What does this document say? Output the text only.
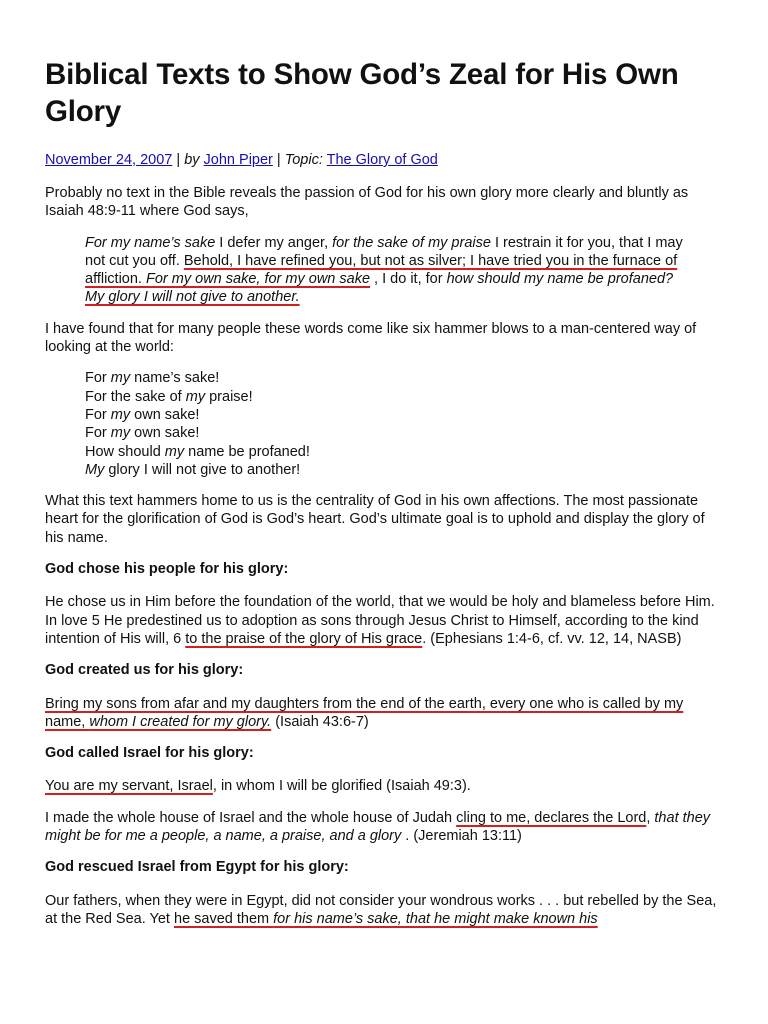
Biblical Texts to Show God’s Zeal for His Own Glory
November 24, 2007 | by John Piper | Topic: The Glory of God

Probably no text in the Bible reveals the passion of God for his own glory more clearly and bluntly as Isaiah 48:9-11 where God says,

For my name’s sake I defer my anger, for the sake of my praise I restrain it for you, that I may not cut you off. Behold, I have refined you, but not as silver; I have tried you in the furnace of affliction. For my own sake, for my own sake , I do it, for how should my name be profaned? My glory I will not give to another.

I have found that for many people these words come like six hammer blows to a man-centered way of looking at the world:

For my name’s sake!
For the sake of my praise!
For my own sake!
For my own sake!
How should my name be profaned!
My glory I will not give to another!

What this text hammers home to us is the centrality of God in his own affections. The most passionate heart for the glorification of God is God’s heart. God’s ultimate goal is to uphold and display the glory of his name.

God chose his people for his glory:

He chose us in Him before the foundation of the world, that we would be holy and blameless before Him. In love 5 He predestined us to adoption as sons through Jesus Christ to Himself, according to the kind intention of His will, 6 to the praise of the glory of His grace. (Ephesians 1:4-6, cf. vv. 12, 14, NASB)

God created us for his glory:

Bring my sons from afar and my daughters from the end of the earth, every one who is called by my name, whom I created for my glory. (Isaiah 43:6-7)

God called Israel for his glory:

You are my servant, Israel, in whom I will be glorified (Isaiah 49:3).

I made the whole house of Israel and the whole house of Judah cling to me, declares the Lord, that they might be for me a people, a name, a praise, and a glory . (Jeremiah 13:11)

God rescued Israel from Egypt for his glory:

Our fathers, when they were in Egypt, did not consider your wondrous works . . . but rebelled by the Sea, at the Red Sea. Yet he saved them for his name’s sake, that he might make known his
